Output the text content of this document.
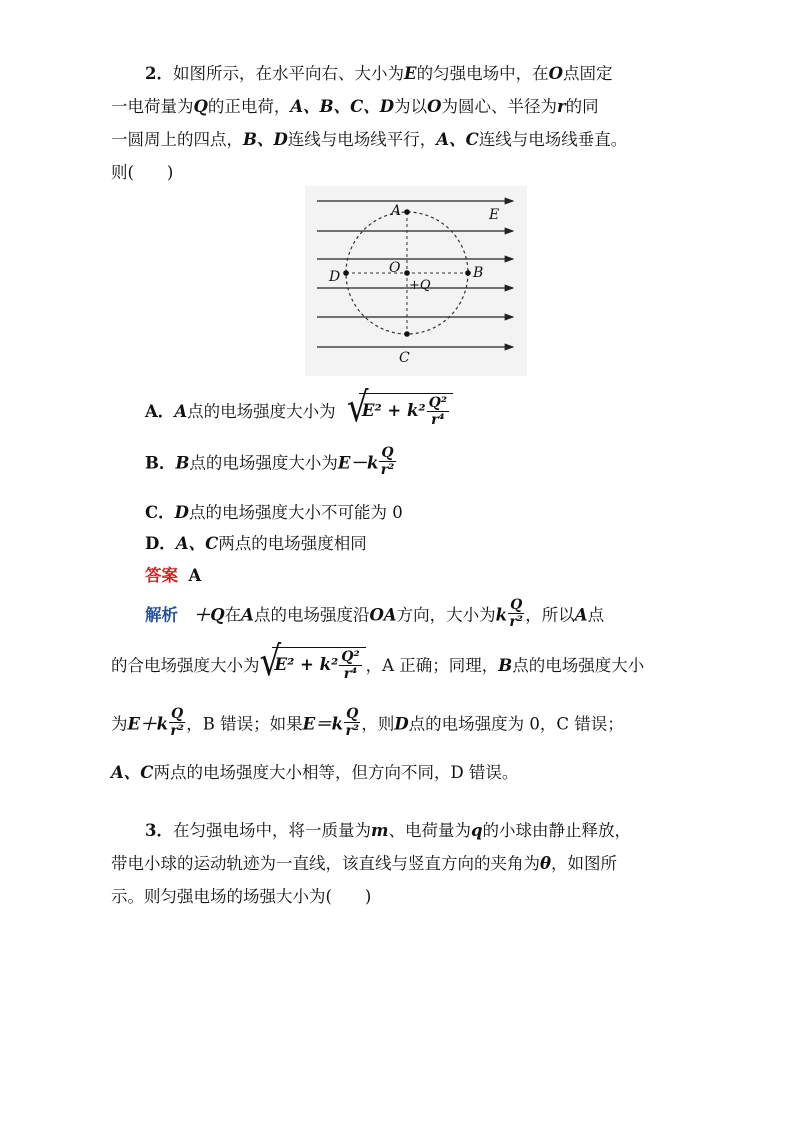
2．如图所示，在水平向右、大小为E的匀强电场中，在O点固定
一电荷量为Q的正电荷，A、B、C、D为以O为圆心、半径为r的同
一圆周上的四点，B、D连线与电场线平行，A、C连线与电场线垂直。
则(　　)
A
B
C
D
O
E
+Q
A．A点的电场强度大小为 √
$E^2 + k^2 \frac{\text{Q²}}{\text{r⁴}}$
B．B点的电场强度大小为$E-k \frac{Q}{\text{r²}}$
C．D点的电场强度大小不可能为 0
D．A、C两点的电场强度相同
答案 A
解析 ＋Q在A点的电场强度沿OA方向，大小为k $\frac{Q}{\text{r²}}$ ，所以A点
的合电场强度大小为 √
$E^2 + k^2 \frac{\text{Q²}}{\text{r⁴}}$ ，A 正确；同理，B点的电场强度大小
为$E+k \frac{Q}{\text{r²}}$ ，B 错误；如果$E=k \frac{Q}{\text{r²}}$ ，则D点的电场强度为 0，C 错误；
A、C两点的电场强度大小相等，但方向不同，D 错误。
3．在匀强电场中，将一质量为m、电荷量为q的小球由静止释放，
带电小球的运动轨迹为一直线，该直线与竖直方向的夹角为θ，如图所
示。则匀强电场的场强大小为(　　)
